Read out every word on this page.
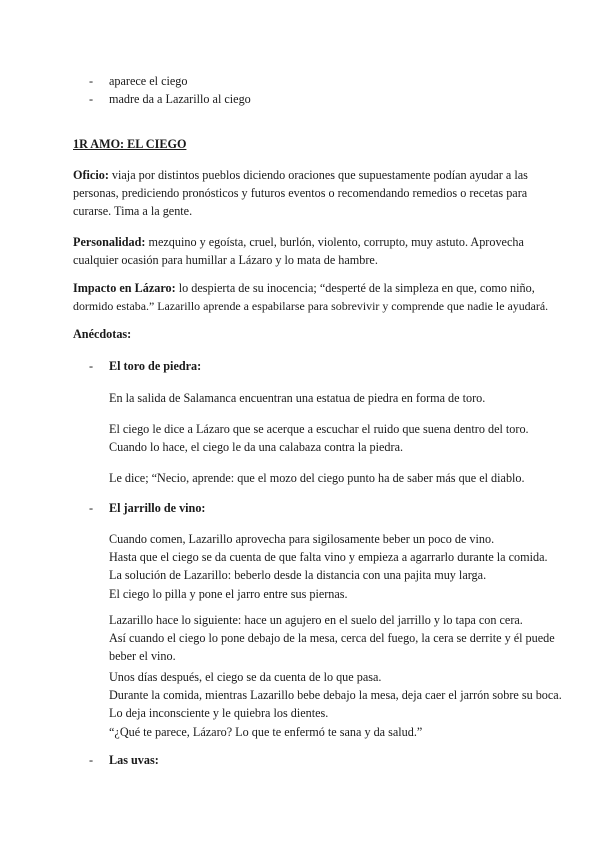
- aparece el ciego
- madre da a Lazarillo al ciego
1R AMO: EL CIEGO
Oficio: viaja por distintos pueblos diciendo oraciones que supuestamente podían ayudar a las
personas, prediciendo pronósticos y futuros eventos o recomendando remedios o recetas para
curarse. Tima a la gente.
Personalidad: mezquino y egoísta, cruel, burlón, violento, corrupto, muy astuto. Aprovecha
cualquier ocasión para humillar a Lázaro y lo mata de hambre.
Impacto en Lázaro: lo despierta de su inocencia; “desperté de la simpleza en que, como niño,
dormido estaba.” Lazarillo aprende a espabilarse para sobrevivir y comprende que nadie le ayudará.
Anécdotas:
- El toro de piedra:
En la salida de Salamanca encuentran una estatua de piedra en forma de toro.
El ciego le dice a Lázaro que se acerque a escuchar el ruido que suena dentro del toro.
Cuando lo hace, el ciego le da una calabaza contra la piedra.
Le dice; “Necio, aprende: que el mozo del ciego punto ha de saber más que el diablo.
- El jarrillo de vino:
Cuando comen, Lazarillo aprovecha para sigilosamente beber un poco de vino.
Hasta que el ciego se da cuenta de que falta vino y empieza a agarrarlo durante la comida.
La solución de Lazarillo: beberlo desde la distancia con una pajita muy larga.
El ciego lo pilla y pone el jarro entre sus piernas.
Lazarillo hace lo siguiente: hace un agujero en el suelo del jarrillo y lo tapa con cera.
Así cuando el ciego lo pone debajo de la mesa, cerca del fuego, la cera se derrite y él puede
beber el vino.
Unos días después, el ciego se da cuenta de lo que pasa.
Durante la comida, mientras Lazarillo bebe debajo la mesa, deja caer el jarrón sobre su boca.
Lo deja inconsciente y le quiebra los dientes.
“¿Qué te parece, Lázaro? Lo que te enfermó te sana y da salud.”
- Las uvas:
